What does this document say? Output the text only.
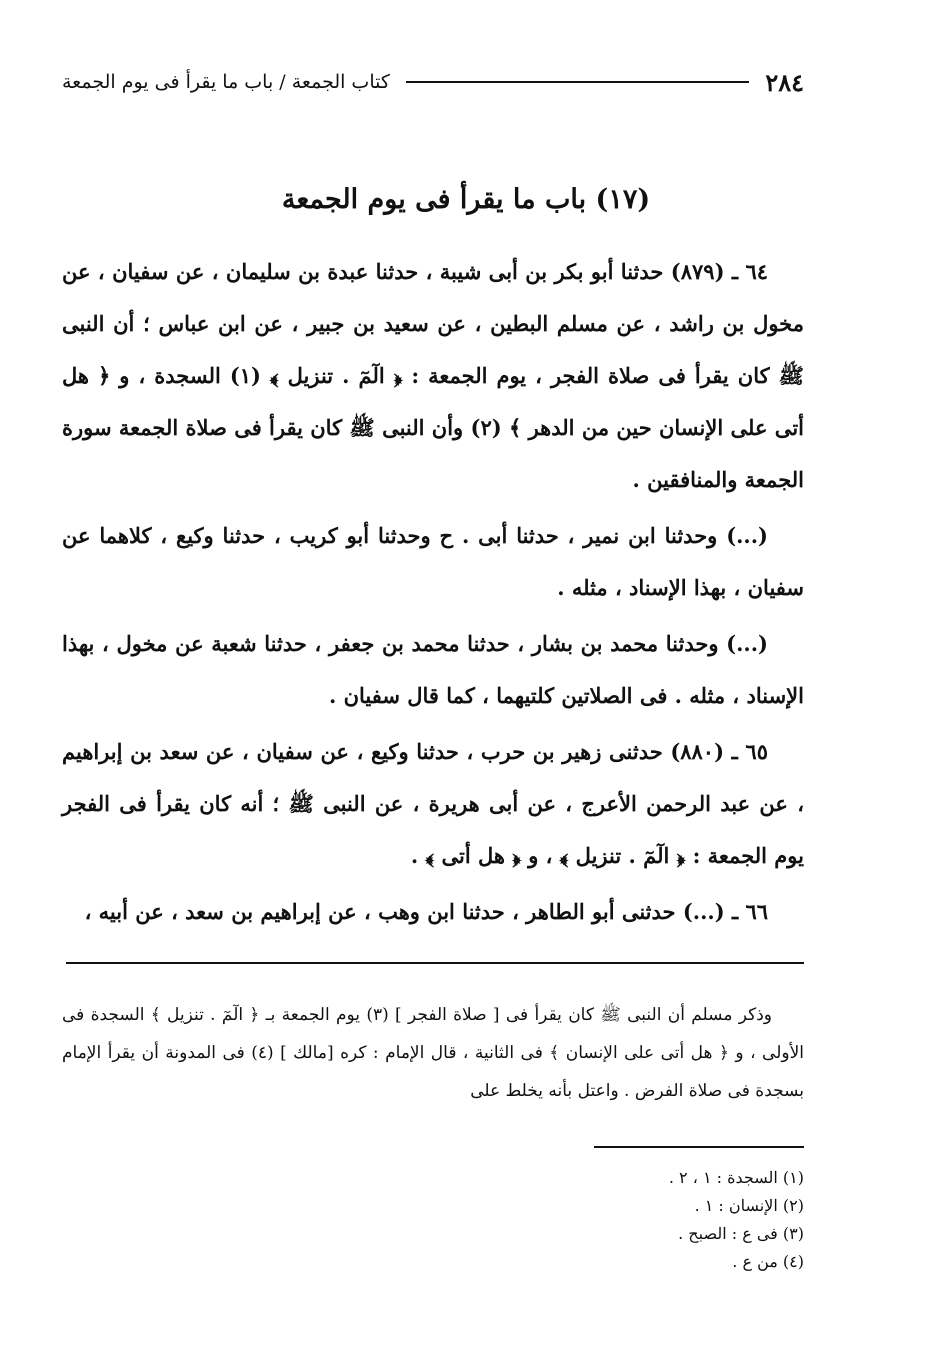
٢٨٤
كتاب الجمعة / باب ما يقرأ فى يوم الجمعة
(١٧) باب ما يقرأ فى يوم الجمعة

٦٤ ـ (٨٧٩) حدثنا أبو بكر بن أبى شيبة ، حدثنا عبدة بن سليمان ، عن سفيان ، عن مخول بن راشد ، عن مسلم البطين ، عن سعيد بن جبير ، عن ابن عباس ؛ أن النبى ﷺ كان يقرأ فى صلاة الفجر ، يوم الجمعة : ﴿ الٓمٓ . تنزيل ﴾ (١) السجدة ، و ﴿ هل أتى على الإنسان حين من الدهر ﴾ (٢) وأن النبى ﷺ كان يقرأ فى صلاة الجمعة سورة الجمعة والمنافقين .

(...) وحدثنا ابن نمير ، حدثنا أبى . ح وحدثنا أبو كريب ، حدثنا وكيع ، كلاهما عن سفيان ، بهذا الإسناد ، مثله .

(...) وحدثنا محمد بن بشار ، حدثنا محمد بن جعفر ، حدثنا شعبة عن مخول ، بهذا الإسناد ، مثله . فى الصلاتين كلتيهما ، كما قال سفيان .

٦٥ ـ (٨٨٠) حدثنى زهير بن حرب ، حدثنا وكيع ، عن سفيان ، عن سعد بن إبراهيم ، عن عبد الرحمن الأعرج ، عن أبى هريرة ، عن النبى ﷺ ؛ أنه كان يقرأ فى الفجر يوم الجمعة : ﴿ الٓمٓ . تنزيل ﴾ ، و ﴿ هل أتى ﴾ .

٦٦ ـ (...) حدثنى أبو الطاهر ، حدثنا ابن وهب ، عن إبراهيم بن سعد ، عن أبيه ،

وذكر مسلم أن النبى ﷺ كان يقرأ فى [ صلاة الفجر ] (٣) يوم الجمعة بـ ﴿ الٓمٓ . تنزيل ﴾ السجدة فى الأولى ، و ﴿ هل أتى على الإنسان ﴾ فى الثانية ، قال الإمام : كره [مالك ] (٤) فى المدونة أن يقرأ الإمام بسجدة فى صلاة الفرض . واعتل بأنه يخلط على

(١) السجدة : ١ ، ٢ .
(٢) الإنسان : ١ .
(٣) فى ع : الصبح .
(٤) من ع .
